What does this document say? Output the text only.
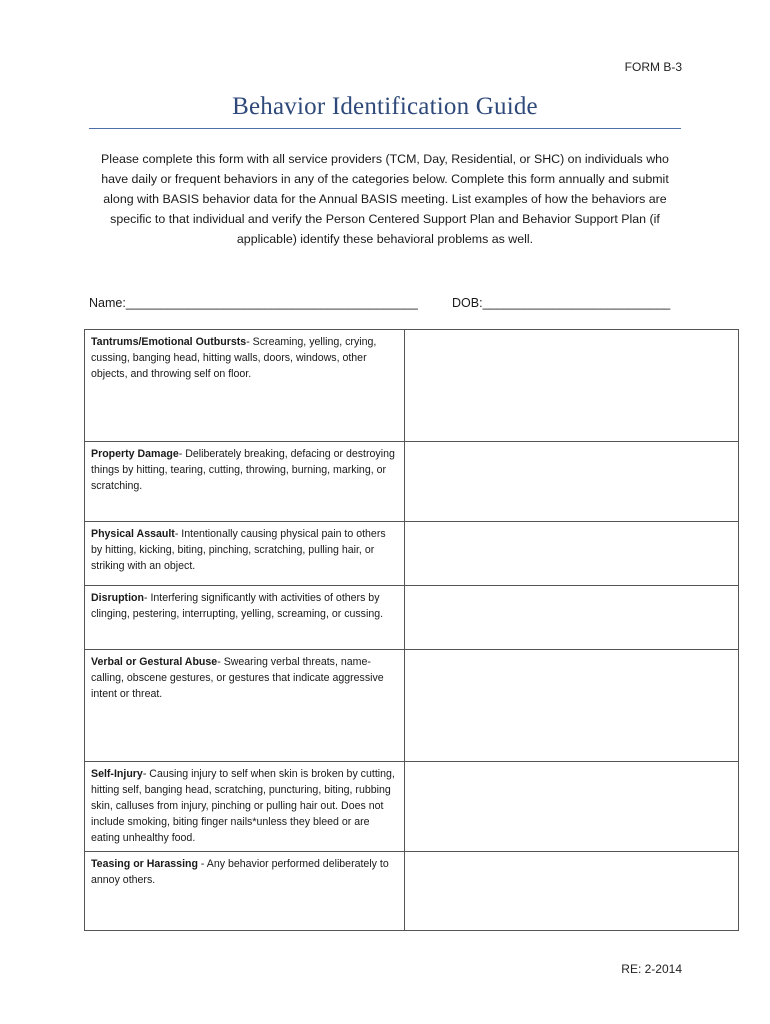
FORM B-3
Behavior Identification Guide
Please complete this form with all service providers (TCM, Day, Residential, or SHC) on individuals who have daily or frequent behaviors in any of the categories below. Complete this form annually and submit along with BASIS behavior data for the Annual BASIS meeting. List examples of how the behaviors are specific to that individual and verify the Person Centered Support Plan and Behavior Support Plan (if applicable) identify these behavioral problems as well.
Name:__________________________________________	DOB:___________________________
Tantrums/Emotional Outbursts- Screaming, yelling, crying, cussing, banging head, hitting walls, doors, windows, other objects, and throwing self on floor.	
Property Damage- Deliberately breaking, defacing or destroying things by hitting, tearing, cutting, throwing, burning, marking, or scratching.	
Physical Assault- Intentionally causing physical pain to others by hitting, kicking, biting, pinching, scratching, pulling hair, or striking with an object.	
Disruption- Interfering significantly with activities of others by clinging, pestering, interrupting, yelling, screaming, or cussing.	
Verbal or Gestural Abuse- Swearing verbal threats, name-calling, obscene gestures, or gestures that indicate aggressive intent or threat.	
Self-Injury- Causing injury to self when skin is broken by cutting, hitting self, banging head, scratching, puncturing, biting, rubbing skin, calluses from injury, pinching or pulling hair out. Does not include smoking, biting finger nails*unless they bleed or are eating unhealthy food.	
Teasing or Harassing - Any behavior performed deliberately to annoy others.	
RE: 2-2014
